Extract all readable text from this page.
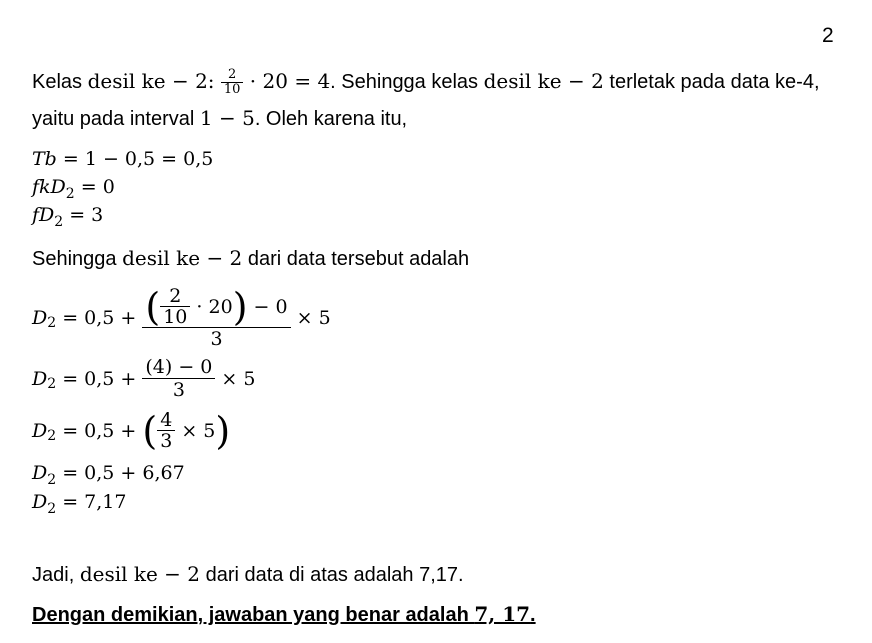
2
Kelas desil ke − 2: $\frac{2}{10} \cdot 20 = 4$. Sehingga kelas desil ke − 2 terletak pada data ke-4,
yaitu pada interval 1 − 5. Oleh karena itu,
Tb = 1 − 0,5 = 0,5
fkD$_2$ = 0
$fD_2 = 3$
Sehingga desil ke − 2 dari data tersebut adalah
D $2 = 0,5 + \frac{( \frac{2}{10} \cdot 20 ) - 0}{3} \times 5$
D $2 = 0,5 + \frac{(4) - 0}{3} \times 5$
D 2 = 0,5 + ( $\frac{4}{3} \times 5$ )
$D_2 = 0,5 + 6,67$
$D_2 = 7,17$
Jadi, desil ke − 2 dari data di atas adalah 7,17.
Dengan demikian, jawaban yang benar adalah 7, 17.
